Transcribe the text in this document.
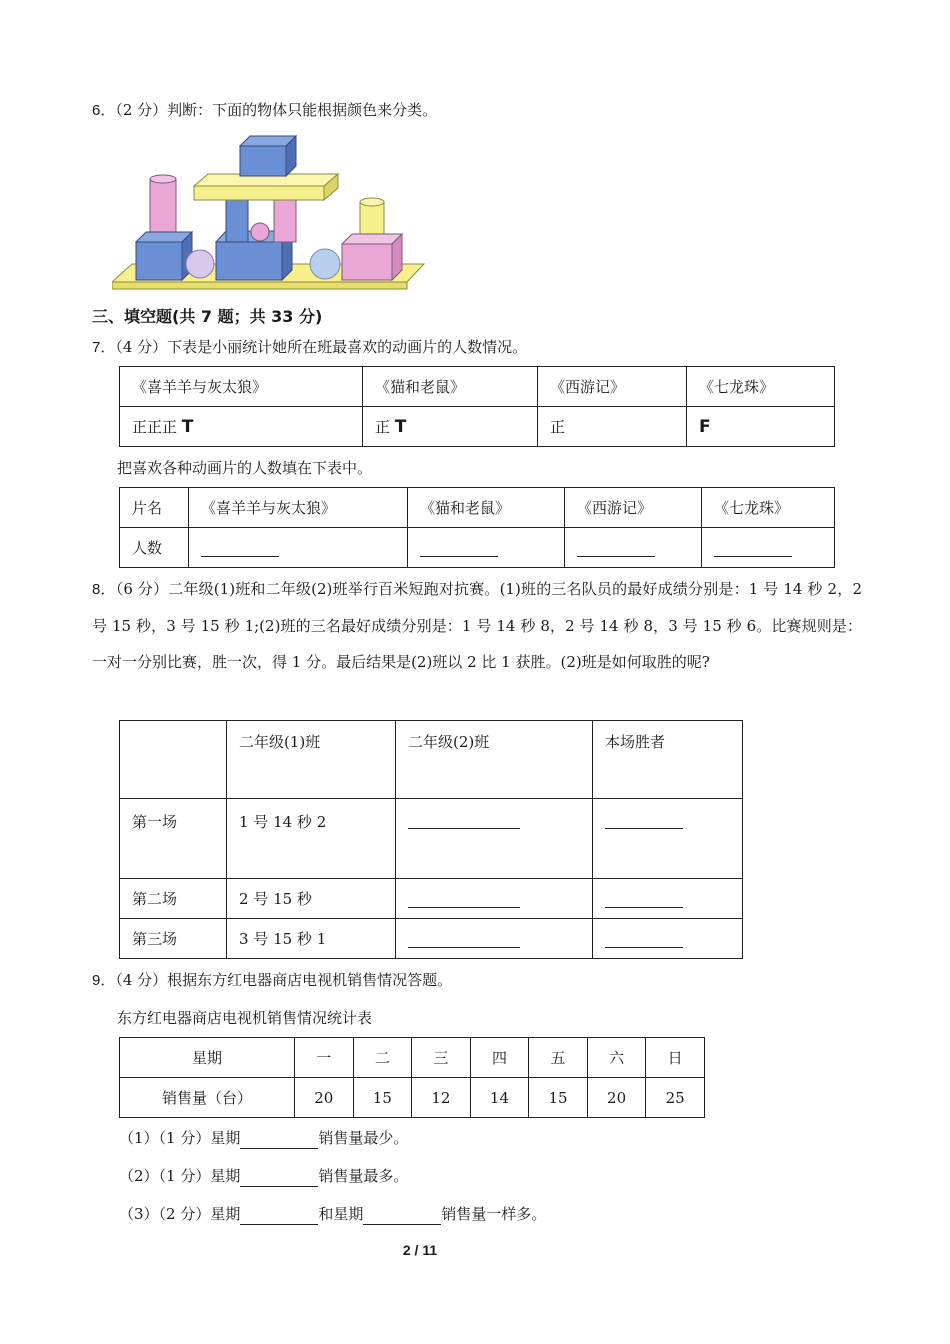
6．（2 分）判断：下面的物体只能根据颜色来分类。
三、填空题(共 7 题；共 33 分)
7．（4 分）下表是小丽统计她所在班最喜欢的动画片的人数情况。
《喜羊羊与灰太狼》	《猫和老鼠》	《西游记》	《七龙珠》
正正正 T	正 T	正	F
把喜欢各种动画片的人数填在下表中。
片名	《喜羊羊与灰太狼》	《猫和老鼠》	《西游记》	《七龙珠》
人数				
8．（6 分）二年级(1)班和二年级(2)班举行百米短跑对抗赛。(1)班的三名队员的最好成绩分别是：1 号 14 秒 2，2 号 15 秒，3 号 15 秒 1;(2)班的三名最好成绩分别是：1 号 14 秒 8，2 号 14 秒 8，3 号 15 秒 6。比赛规则是：一对一分别比赛，胜一次，得 1 分。最后结果是(2)班以 2 比 1 获胜。(2)班是如何取胜的呢?
	二年级(1)班	二年级(2)班	本场胜者
第一场	1 号 14 秒 2		
第二场	2 号 15 秒		
第三场	3 号 15 秒 1		
9．（4 分）根据东方红电器商店电视机销售情况答题。
东方红电器商店电视机销售情况统计表
星期	一	二	三	四	五	六	日
销售量（台）	20	15	12	14	15	20	25
（1）（1 分）星期	销售量最少。
（2）（1 分）星期	销售量最多。
（3）（2 分）星期	和星期	销售量一样多。
2 / 11
